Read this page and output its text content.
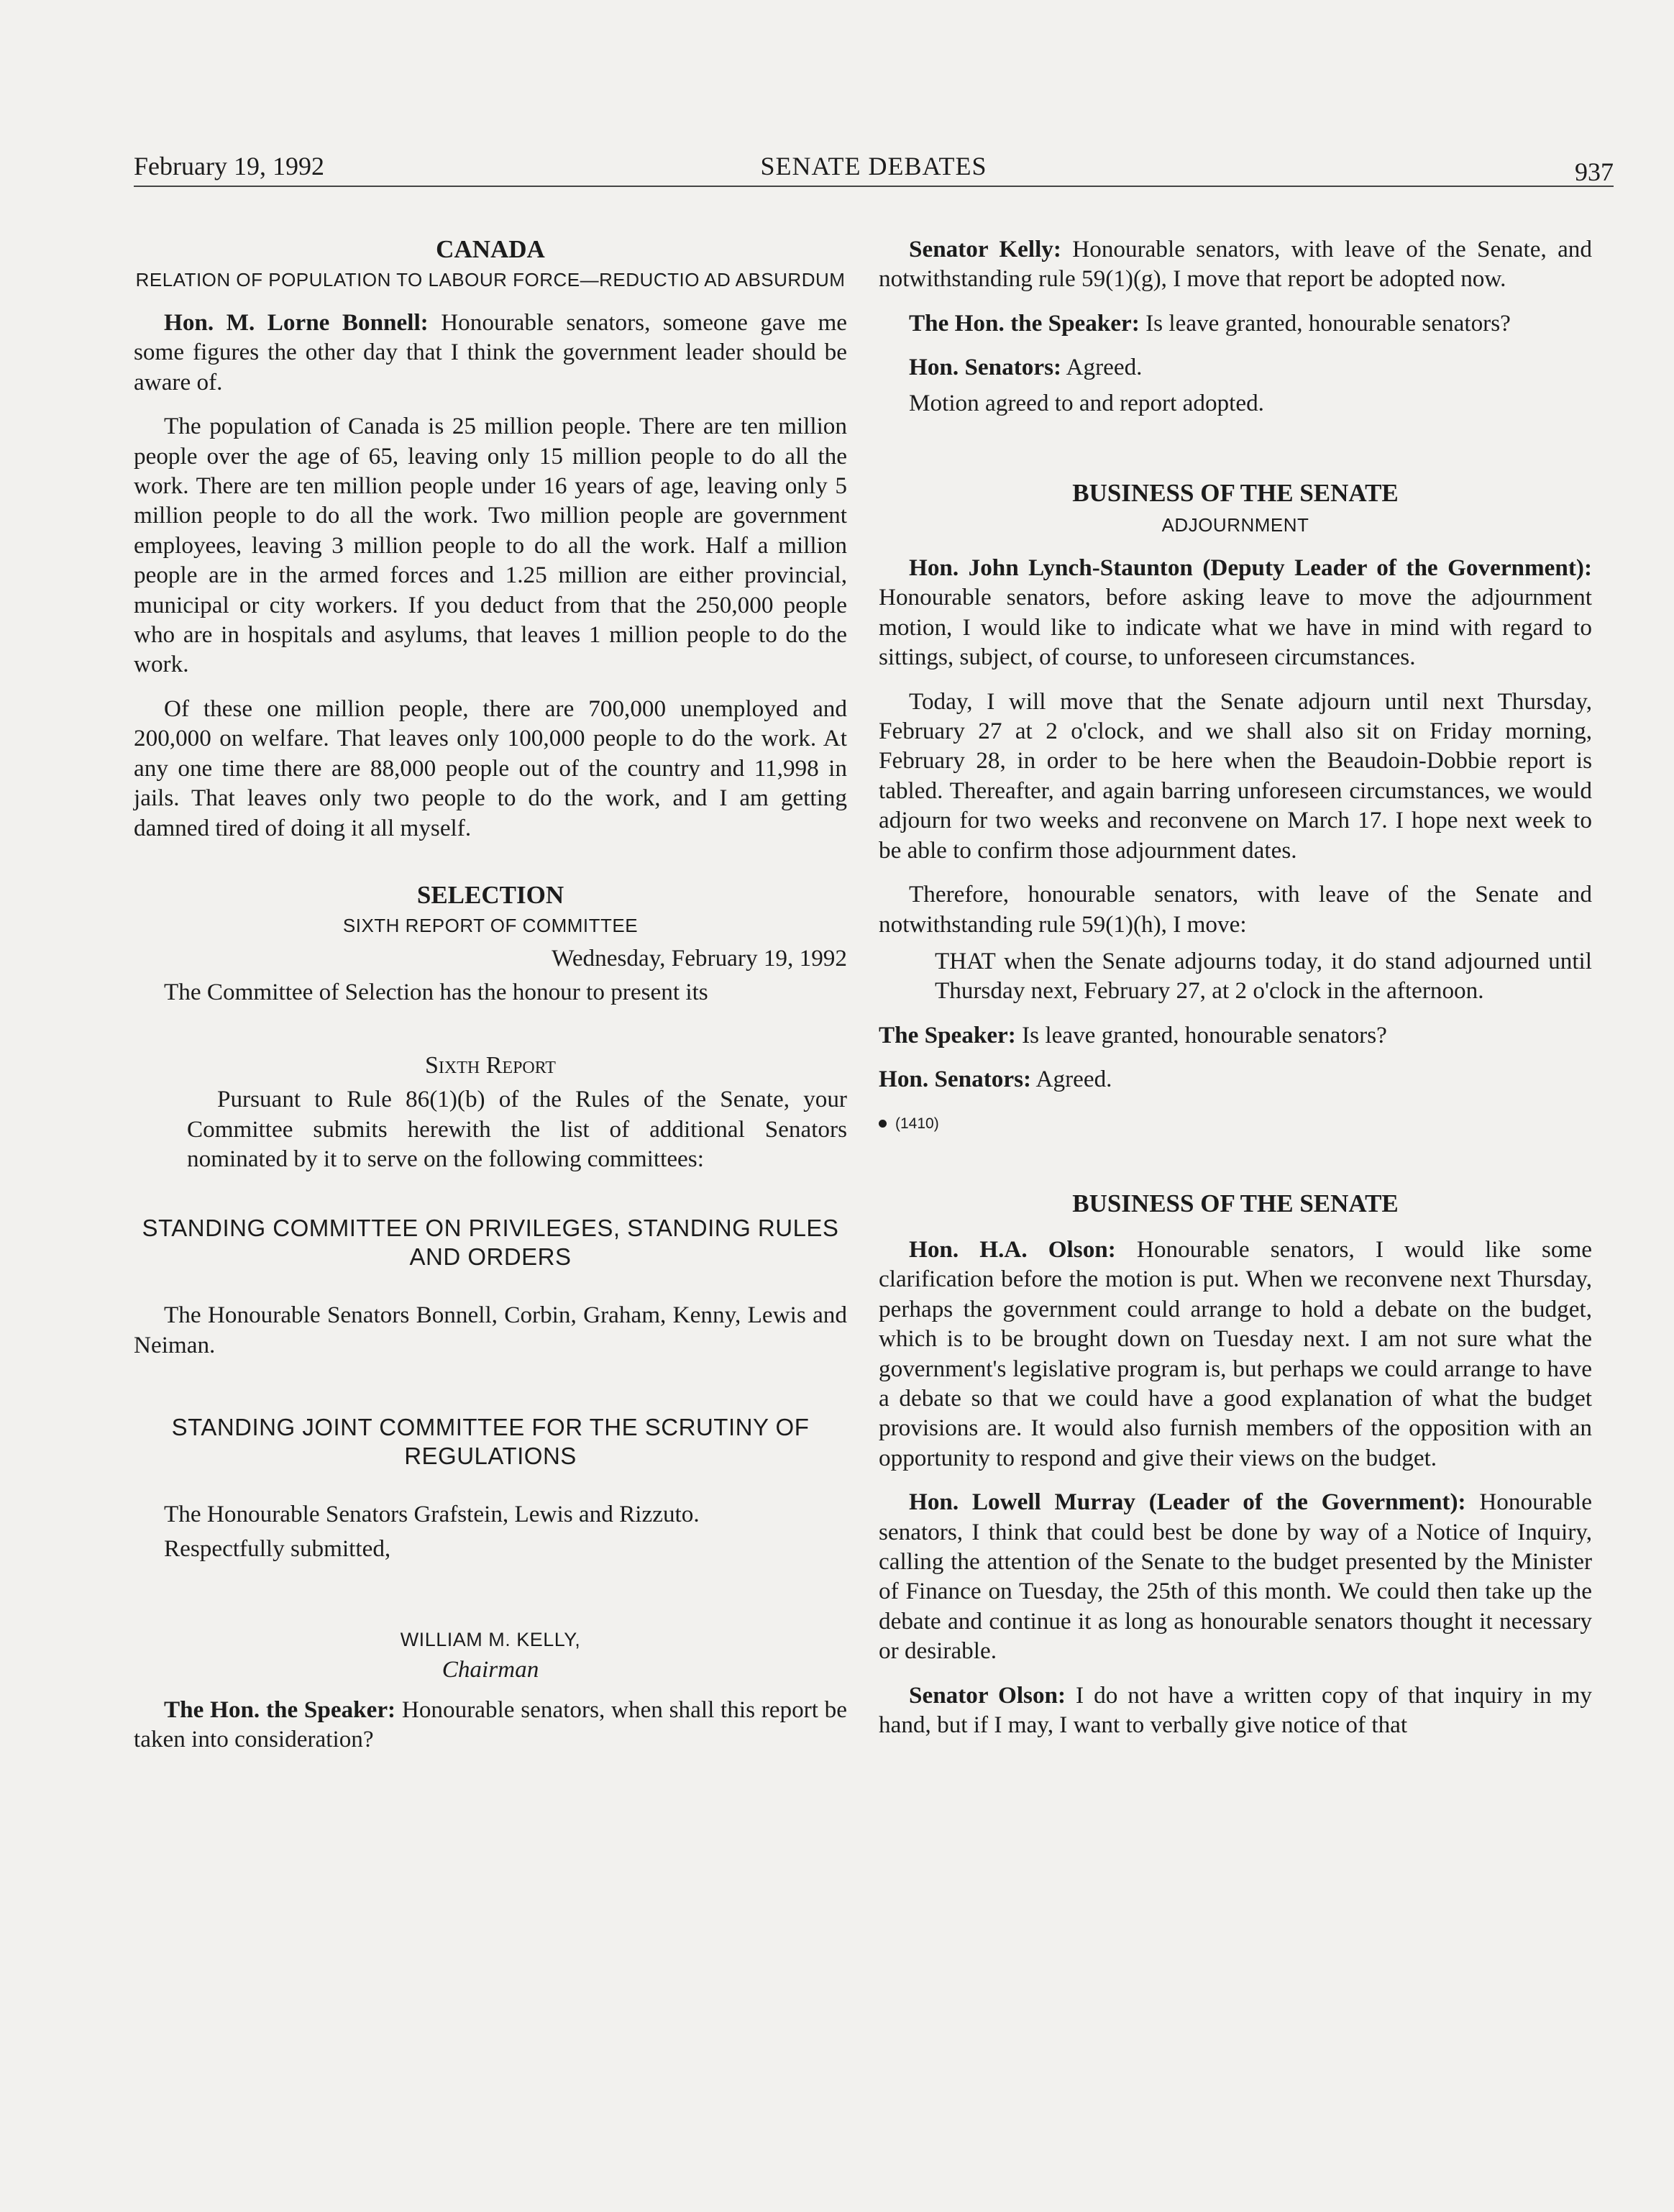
February 19, 1992	SENATE DEBATES	937
CANADA
RELATION OF POPULATION TO LABOUR FORCE—REDUCTIO AD ABSURDUM

Hon. M. Lorne Bonnell: Honourable senators, someone gave me some figures the other day that I think the government leader should be aware of.

The population of Canada is 25 million people. There are ten million people over the age of 65, leaving only 15 million people to do all the work. There are ten million people under 16 years of age, leaving only 5 million people to do all the work. Two million people are government employees, leaving 3 million people to do all the work. Half a million people are in the armed forces and 1.25 million are either provincial, municipal or city workers. If you deduct from that the 250,000 people who are in hospitals and asylums, that leaves 1 million people to do the work.

Of these one million people, there are 700,000 unemployed and 200,000 on welfare. That leaves only 100,000 people to do the work. At any one time there are 88,000 people out of the country and 11,998 in jails. That leaves only two people to do the work, and I am getting damned tired of doing it all myself.

SELECTION
SIXTH REPORT OF COMMITTEE

Wednesday, February 19, 1992

The Committee of Selection has the honour to present its

Sixth Report

Pursuant to Rule 86(1)(b) of the Rules of the Senate, your Committee submits herewith the list of additional Senators nominated by it to serve on the following committees:

STANDING COMMITTEE ON PRIVILEGES, STANDING RULES AND ORDERS

The Honourable Senators Bonnell, Corbin, Graham, Kenny, Lewis and Neiman.

STANDING JOINT COMMITTEE FOR THE SCRUTINY OF REGULATIONS

The Honourable Senators Grafstein, Lewis and Rizzuto.

Respectfully submitted,

WILLIAM M. KELLY,

Chairman

The Hon. the Speaker: Honourable senators, when shall this report be taken into consideration?

Senator Kelly: Honourable senators, with leave of the Senate, and notwithstanding rule 59(1)(g), I move that report be adopted now.

The Hon. the Speaker: Is leave granted, honourable senators?

Hon. Senators: Agreed.

Motion agreed to and report adopted.

BUSINESS OF THE SENATE
ADJOURNMENT

Hon. John Lynch-Staunton (Deputy Leader of the Government): Honourable senators, before asking leave to move the adjournment motion, I would like to indicate what we have in mind with regard to sittings, subject, of course, to unforeseen circumstances.

Today, I will move that the Senate adjourn until next Thursday, February 27 at 2 o'clock, and we shall also sit on Friday morning, February 28, in order to be here when the Beaudoin-Dobbie report is tabled. Thereafter, and again barring unforeseen circumstances, we would adjourn for two weeks and reconvene on March 17. I hope next week to be able to confirm those adjournment dates.

Therefore, honourable senators, with leave of the Senate and notwithstanding rule 59(1)(h), I move:

THAT when the Senate adjourns today, it do stand adjourned until Thursday next, February 27, at 2 o'clock in the afternoon.

The Speaker: Is leave granted, honourable senators?

Hon. Senators: Agreed.

(1410)

BUSINESS OF THE SENATE

Hon. H.A. Olson: Honourable senators, I would like some clarification before the motion is put. When we reconvene next Thursday, perhaps the government could arrange to hold a debate on the budget, which is to be brought down on Tuesday next. I am not sure what the government's legislative program is, but perhaps we could arrange to have a debate so that we could have a good explanation of what the budget provisions are. It would also furnish members of the opposition with an opportunity to respond and give their views on the budget.

Hon. Lowell Murray (Leader of the Government): Honourable senators, I think that could best be done by way of a Notice of Inquiry, calling the attention of the Senate to the budget presented by the Minister of Finance on Tuesday, the 25th of this month. We could then take up the debate and continue it as long as honourable senators thought it necessary or desirable.

Senator Olson: I do not have a written copy of that inquiry in my hand, but if I may, I want to verbally give notice of that
